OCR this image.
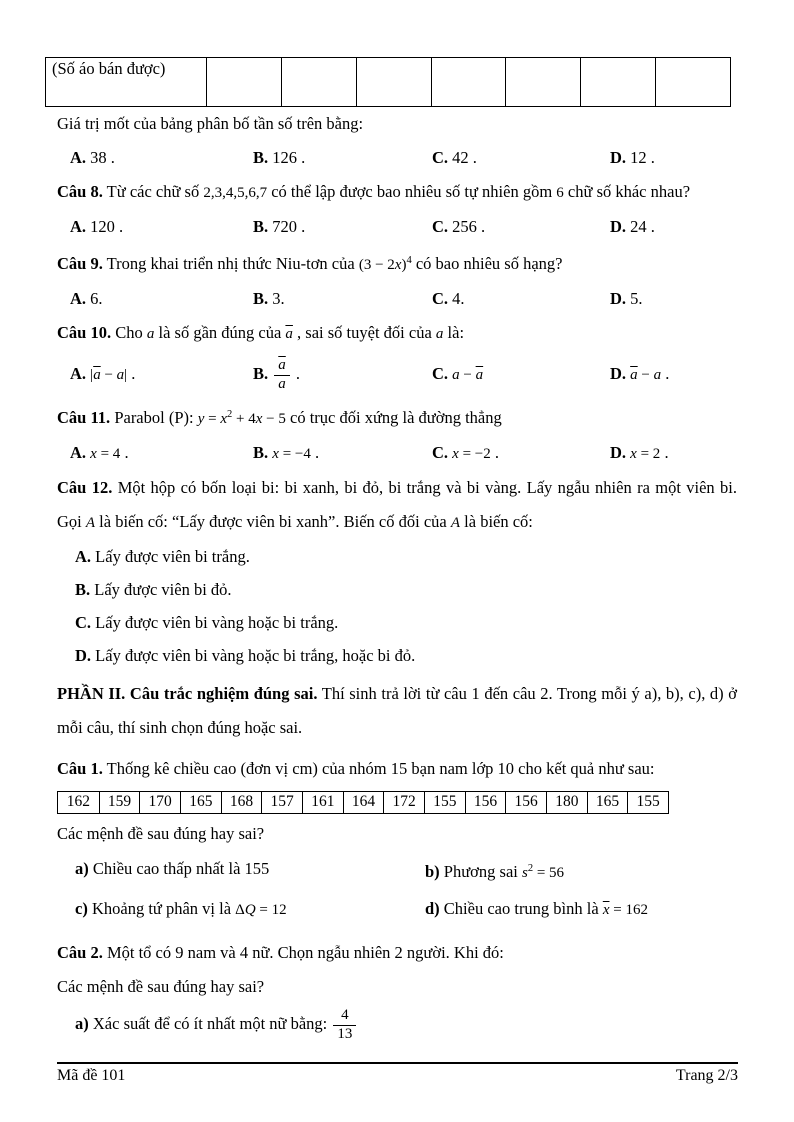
(Số áo bán được)

Giá trị mốt của bảng phân bố tần số trên bằng:

A. 38 .	B. 126 .	C. 42 .	D. 12 .

Câu 8. Từ các chữ số 2,3,4,5,6,7 có thể lập được bao nhiêu số tự nhiên gồm 6 chữ số khác nhau?

A. 120 .	B. 720 .	C. 256 .	D. 24 .

Câu 9. Trong khai triển nhị thức Niu-tơn của $(3 - 2x)^4$ có bao nhiêu số hạng?

A. 6.	B. 3.	C. 4.	D. 5.

Câu 10. Cho a là số gần đúng của $\overline{a}$ , sai số tuyệt đối của a là:

A. $|\overline{a} - a|$ .	B. $\frac{\overline{a}}{a}$ .	C. $a - \overline{a}$	D. $\overline{a} - a$ .

Câu 11. Parabol (P): $y = x^2 + 4x - 5$ có trục đối xứng là đường thẳng

A. x = 4 .	B. x = −4 .	C. x = −2 .	D. x = 2 .

Câu 12. Một hộp có bốn loại bi: bi xanh, bi đỏ, bi trắng và bi vàng. Lấy ngẫu nhiên ra một viên bi. Gọi A là biến cố: “Lấy được viên bi xanh”. Biến cố đối của A là biến cố:

A. Lấy được viên bi trắng.
B. Lấy được viên bi đỏ.
C. Lấy được viên bi vàng hoặc bi trắng.
D. Lấy được viên bi vàng hoặc bi trắng, hoặc bi đỏ.

PHẦN II. Câu trắc nghiệm đúng sai. Thí sinh trả lời từ câu 1 đến câu 2. Trong mỗi ý a), b), c), d) ở mỗi câu, thí sinh chọn đúng hoặc sai.

Câu 1. Thống kê chiều cao (đơn vị cm) của nhóm 15 bạn nam lớp 10 cho kết quả như sau:

162	159	170	165	168	157	161	164	172	155	156	156	180	165	155

Các mệnh đề sau đúng hay sai?

a) Chiều cao thấp nhất là 155	b) Phương sai $s^2 = 56$
c) Khoảng tứ phân vị là ΔQ = 12	d) Chiều cao trung bình là $\overline{x} = 162$

Câu 2. Một tổ có 9 nam và 4 nữ. Chọn ngẫu nhiên 2 người. Khi đó:

Các mệnh đề sau đúng hay sai?

a) Xác suất để có ít nhất một nữ bằng: $\frac{4}{13}$
Mã đề 101	Trang 2/3
